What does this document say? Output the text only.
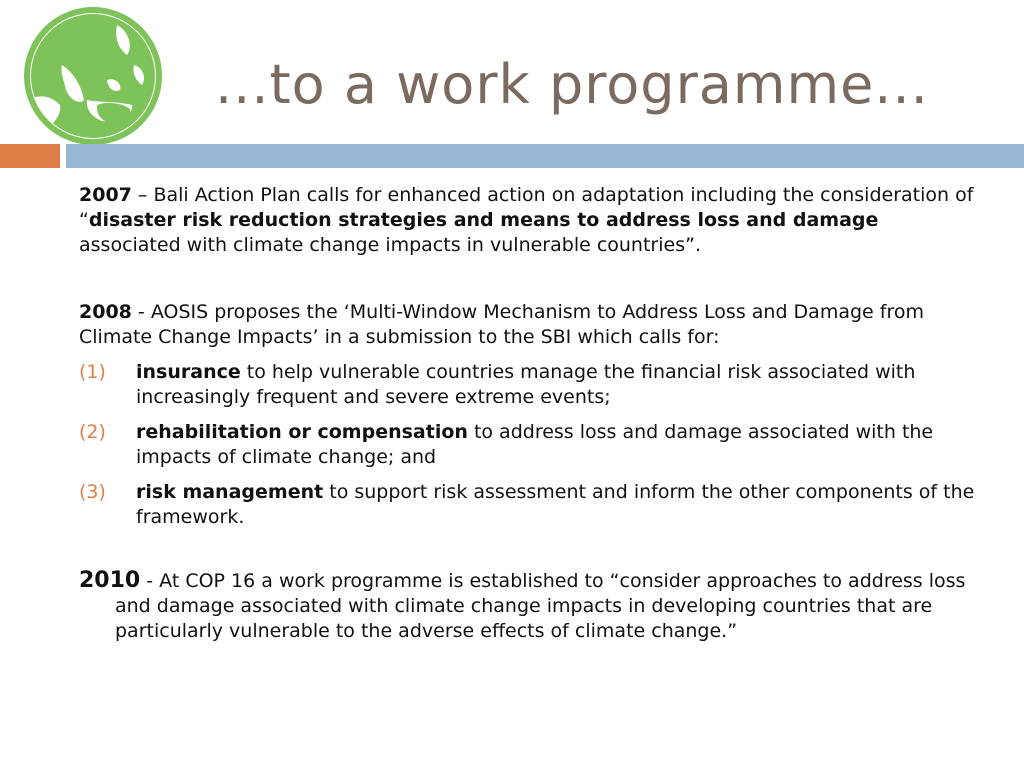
...to a work programme...

2007 – Bali Action Plan calls for enhanced action on adaptation including the consideration of “disaster risk reduction strategies and means to address loss and damage associated with climate change impacts in vulnerable countries”.

2008 - AOSIS proposes the ‘Multi-Window Mechanism to Address Loss and Damage from Climate Change Impacts’ in a submission to the SBI which calls for:

(1) insurance to help vulnerable countries manage the financial risk associated with increasingly frequent and severe extreme events;
(2) rehabilitation or compensation to address loss and damage associated with the impacts of climate change; and
(3) risk management to support risk assessment and inform the other components of the framework.

2010 - At COP 16 a work programme is established to “consider approaches to address loss and damage associated with climate change impacts in developing countries that are particularly vulnerable to the adverse effects of climate change.”
